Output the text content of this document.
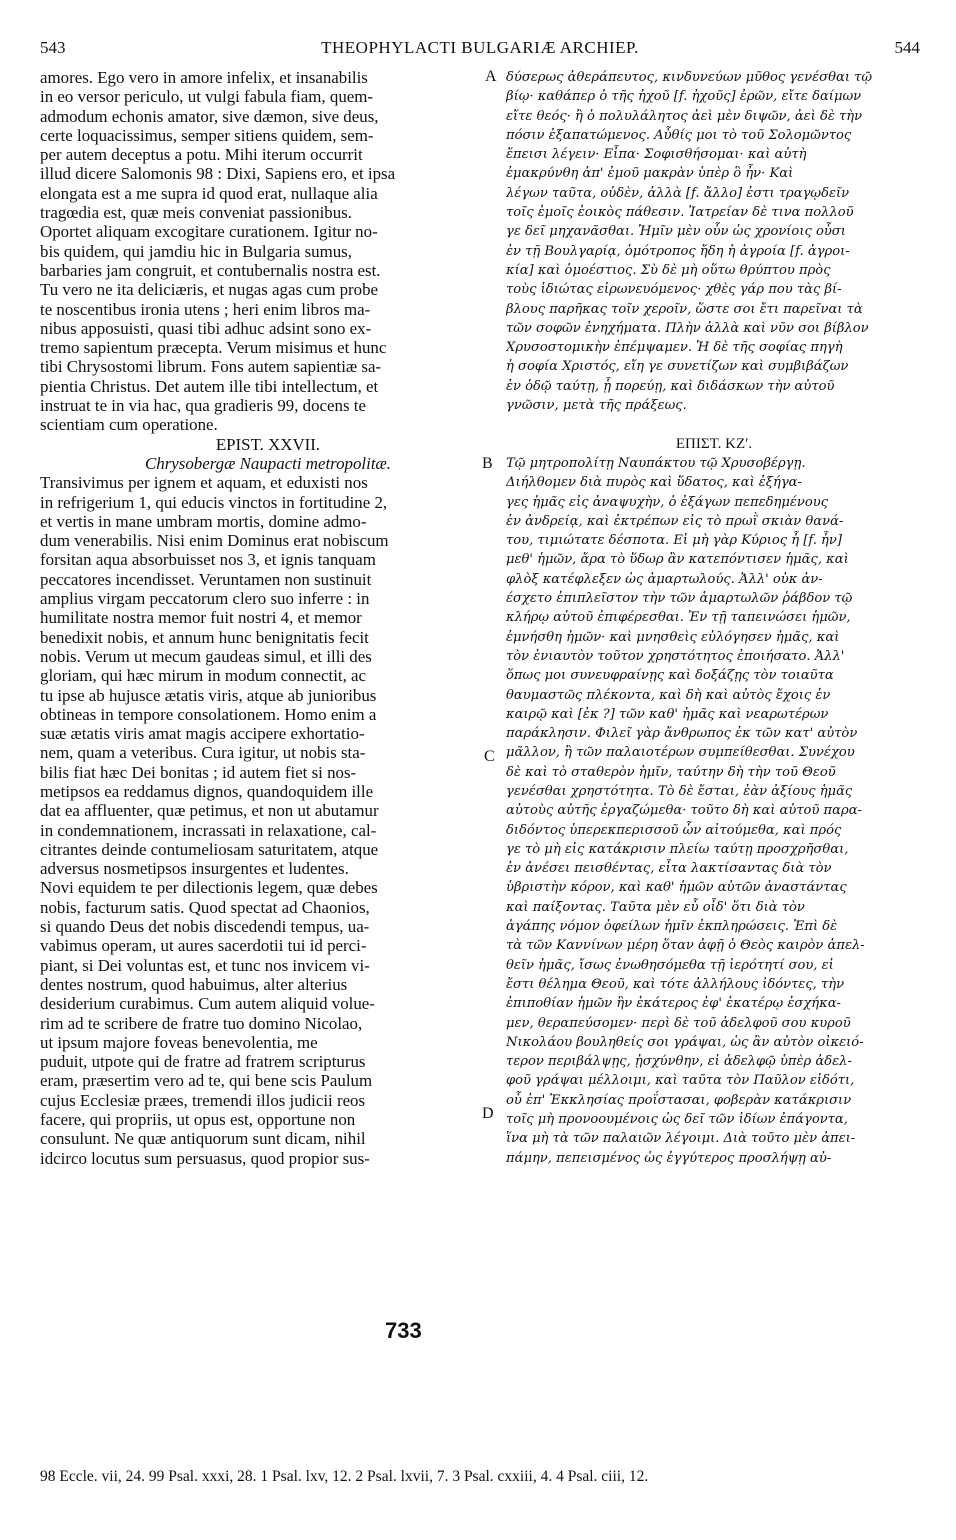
543	THEOPHYLACTI BULGARIÆ ARCHIEP.	544
amores. Ego vero in amore infelix, et insanabilis
in eo versor periculo, ut vulgi fabula fiam, quem-
admodum echonis amator, sive dæmon, sive deus,
certe loquacissimus, semper sitiens quidem, sem-
per autem deceptus a potu. Mihi iterum occurrit
illud dicere Salomonis 98 : Dixi, Sapiens ero, et ipsa
elongata est a me supra id quod erat, nullaque alia
tragœdia est, quæ meis conveniat passionibus.
Oportet aliquam excogitare curationem. Igitur no-
bis quidem, qui jamdiu hic in Bulgaria sumus,
barbaries jam congruit, et contubernalis nostra est.
Tu vero ne ita deliciæris, et nugas agas cum probe
te noscentibus ironia utens ; heri enim libros ma-
nibus apposuisti, quasi tibi adhuc adsint sono ex-
tremo sapientum præcepta. Verum misimus et hunc
tibi Chrysostomi librum. Fons autem sapientiæ sa-
pientia Christus. Det autem ille tibi intellectum, et
instruat te in via hac, qua gradieris 99, docens te
scientiam cum operatione.
EPIST. XXVII.
Chrysobergæ Naupacti metropolitæ.
Transivimus per ignem et aquam, et eduxisti nos
in refrigerium 1, qui educis vinctos in fortitudine 2,
et vertis in mane umbram mortis, domine admo-
dum venerabilis. Nisi enim Dominus erat nobiscum
forsitan aqua absorbuisset nos 3, et ignis tanquam
peccatores incendisset. Veruntamen non sustinuit
amplius virgam peccatorum clero suo inferre : in
humilitate nostra memor fuit nostri 4, et memor
benedixit nobis, et annum hunc benignitatis fecit
nobis. Verum ut mecum gaudeas simul, et illi des
gloriam, qui hæc mirum in modum connectit, ac
tu ipse ab hujusce ætatis viris, atque ab junioribus
obtineas in tempore consolationem. Homo enim a
suæ ætatis viris amat magis accipere exhortatio-
nem, quam a veteribus. Cura igitur, ut nobis sta-
bilis fiat hæc Dei bonitas ; id autem fiet si nos-
metipsos ea reddamus dignos, quandoquidem ille
dat ea affluenter, quæ petimus, et non ut abutamur
in condemnationem, incrassati in relaxatione, cal-
citrantes deinde contumeliosam saturitatem, atque
adversus nosmetipsos insurgentes et ludentes.
Novi equidem te per dilectionis legem, quæ debes
nobis, facturum satis. Quod spectat ad Chaonios,
si quando Deus det nobis discedendi tempus, ua-
vabimus operam, ut aures sacerdotii tui id perci-
piant, si Dei voluntas est, et tunc nos invicem vi-
dentes nostrum, quod habuimus, alter alterius
desiderium curabimus. Cum autem aliquid volue-
rim ad te scribere de fratre tuo domino Nicolao,
ut ipsum majore foveas benevolentia, me
puduit, utpote qui de fratre ad fratrem scripturus
eram, præsertim vero ad te, qui bene scis Paulum
cujus Ecclesiæ præes, tremendi illos judicii reos
facere, qui propriis, ut opus est, opportune non
consulunt. Ne quæ antiquorum sunt dicam, nihil
idcirco locutus sum persuasus, quod propior sus-
δύσερως ἀθεράπευτος, κινδυνεύων μῦθος γενέσθαι τῷ
βίῳ· καθάπερ ὁ τῆς ἠχοῦ [f. ἠχοῦς] ἐρῶν, εἴτε δαίμων
εἴτε θεός· ἢ ὁ πολυλάλητος ἀεὶ μὲν διψῶν, ἀεὶ δὲ τὴν
πόσιν ἐξαπατώμενος. Αὖθίς μοι τὸ τοῦ Σολομῶντος
ἔπεισι λέγειν· Εἶπα· Σοφισθήσομαι· καὶ αὐτὴ
ἐμακρύνθη ἀπ' ἐμοῦ μακρὰν ὑπὲρ ὃ ἦν· Καὶ
λέγων ταῦτα, οὐδὲν, ἀλλὰ [f. ἄλλο] ἐστι τραγῳδεῖν
τοῖς ἐμοῖς ἐοικὸς πάθεσιν. Ἰατρείαν δὲ τινα πολλοῦ
γε δεῖ μηχανᾶσθαι. Ἡμῖν μὲν οὖν ὡς χρονίοις οὖσι
ἐν τῇ Βουλγαρίᾳ, ὁμότροπος ἤδη ἡ ἀγροία [f. ἀγροι-
κία] καὶ ὁμοέστιος. Σὺ δὲ μὴ οὕτω θρύπτου πρὸς
τοὺς ἰδιώτας εἰρωνευόμενος· χθὲς γάρ που τὰς βί-
βλους παρῆκας τοῖν χεροῖν, ὥστε σοι ἔτι παρεῖναι τὰ
τῶν σοφῶν ἐνηχήματα. Πλὴν ἀλλὰ καὶ νῦν σοι βίβλον
Χρυσοστομικὴν ἐπέμψαμεν. Ἡ δὲ τῆς σοφίας πηγὴ
ἡ σοφία Χριστός, εἴη γε συνετίζων καὶ συμβιβάζων
ἐν ὁδῷ ταύτῃ, ᾗ πορεύῃ, καὶ διδάσκων τὴν αὐτοῦ
γνῶσιν, μετὰ τῆς πράξεως.
ΕΠΙΣΤ. ΚΖʹ.
Τῷ μητροπολίτῃ Ναυπάκτου τῷ Χρυσοβέργῃ.
Διήλθομεν διὰ πυρὸς καὶ ὕδατος, καὶ ἐξήγα-
γες ἡμᾶς εἰς ἀναψυχὴν, ὁ ἐξάγων πεπεδημένους
ἐν ἀνδρείᾳ, καὶ ἐκτρέπων εἰς τὸ πρωῒ σκιὰν θανά-
του, τιμιώτατε δέσποτα. Εἰ μὴ γὰρ Κύριος ἦ [f. ἦν]
μεθ' ἡμῶν, ἄρα τὸ ὕδωρ ἂν κατεπόντισεν ἡμᾶς, καὶ
φλὸξ κατέφλεξεν ὡς ἁμαρτωλούς. Ἀλλ' οὐκ ἀν-
έσχετο ἐπιπλεῖστον τὴν τῶν ἁμαρτωλῶν ῥάβδον τῷ
κλήρῳ αὐτοῦ ἐπιφέρεσθαι. Ἐν τῇ ταπεινώσει ἡμῶν,
ἐμνήσθη ἡμῶν· καὶ μνησθεὶς εὐλόγησεν ἡμᾶς, καὶ
τὸν ἐνιαυτὸν τοῦτον χρηστότητος ἐποιήσατο. Ἀλλ'
ὅπως μοι συνευφραίνῃς καὶ δοξάζῃς τὸν τοιαῦτα
θαυμαστῶς πλέκοντα, καὶ δὴ καὶ αὐτὸς ἔχοις ἐν
καιρῷ καὶ [ἐκ ?] τῶν καθ' ἡμᾶς καὶ νεαρωτέρων
παράκλησιν. Φιλεῖ γὰρ ἄνθρωπος ἐκ τῶν κατ' αὐτὸν
μᾶλλον, ἢ τῶν παλαιοτέρων συμπείθεσθαι. Συνέχου
δὲ καὶ τὸ σταθερὸν ἡμῖν, ταύτην δὴ τὴν τοῦ Θεοῦ
γενέσθαι χρηστότητα. Τὸ δὲ ἔσται, ἐὰν ἀξίους ἡμᾶς
αὐτοὺς αὐτῆς ἐργαζώμεθα· τοῦτο δὴ καὶ αὐτοῦ παρα-
διδόντος ὑπερεκπερισσοῦ ὧν αἰτούμεθα, καὶ πρός
γε τὸ μὴ εἰς κατάκρισιν πλείω ταύτῃ προσχρῆσθαι,
ἐν ἀνέσει πεισθέντας, εἶτα λακτίσαντας διὰ τὸν
ὑβριστὴν κόρον, καὶ καθ' ἡμῶν αὐτῶν ἀναστάντας
καὶ παίξοντας. Ταῦτα μὲν εὖ οἶδ' ὅτι διὰ τὸν
ἀγάπης νόμον ὀφείλων ἡμῖν ἐκπληρώσεις. Ἐπὶ δὲ
τὰ τῶν Καννίνων μέρη ὅταν ἀφῇ ὁ Θεὸς καιρὸν ἀπελ-
θεῖν ἡμᾶς, ἴσως ἐνωθησόμεθα τῇ ἱερότητί σου, εἰ
ἔστι θέλημα Θεοῦ, καὶ τότε ἀλλήλους ἰδόντες, τὴν
ἐπιποθίαν ἡμῶν ἣν ἑκάτερος ἐφ' ἑκατέρῳ ἐσχήκα-
μεν, θεραπεύσομεν· περὶ δὲ τοῦ ἀδελφοῦ σου κυροῦ
Νικολάου βουληθείς σοι γράψαι, ὡς ἂν αὐτὸν οἰκειό-
τερον περιβάλψῃς, ᾐσχύνθην, εἰ ἀδελφῷ ὑπὲρ ἀδελ-
φοῦ γράψαι μέλλοιμι, καὶ ταῦτα τὸν Παῦλον εἰδότι,
οὗ ἐπ' Ἐκκλησίας προΐστασαι, φοβερὰν κατάκρισιν
τοῖς μὴ προνοουμένοις ὡς δεῖ τῶν ἰδίων ἐπάγοντα,
ἵνα μὴ τὰ τῶν παλαιῶν λέγοιμι. Διὰ τοῦτο μὲν ἀπει-
πάμην, πεπεισμένος ὡς ἐγγύτερος προσλήψῃ αὐ-
A
B
C
D
733
98 Eccle. vii, 24. 99 Psal. xxxi, 28. 1 Psal. lxv, 12. 2 Psal. lxvii, 7. 3 Psal. cxxiii, 4. 4 Psal. ciii, 12.
